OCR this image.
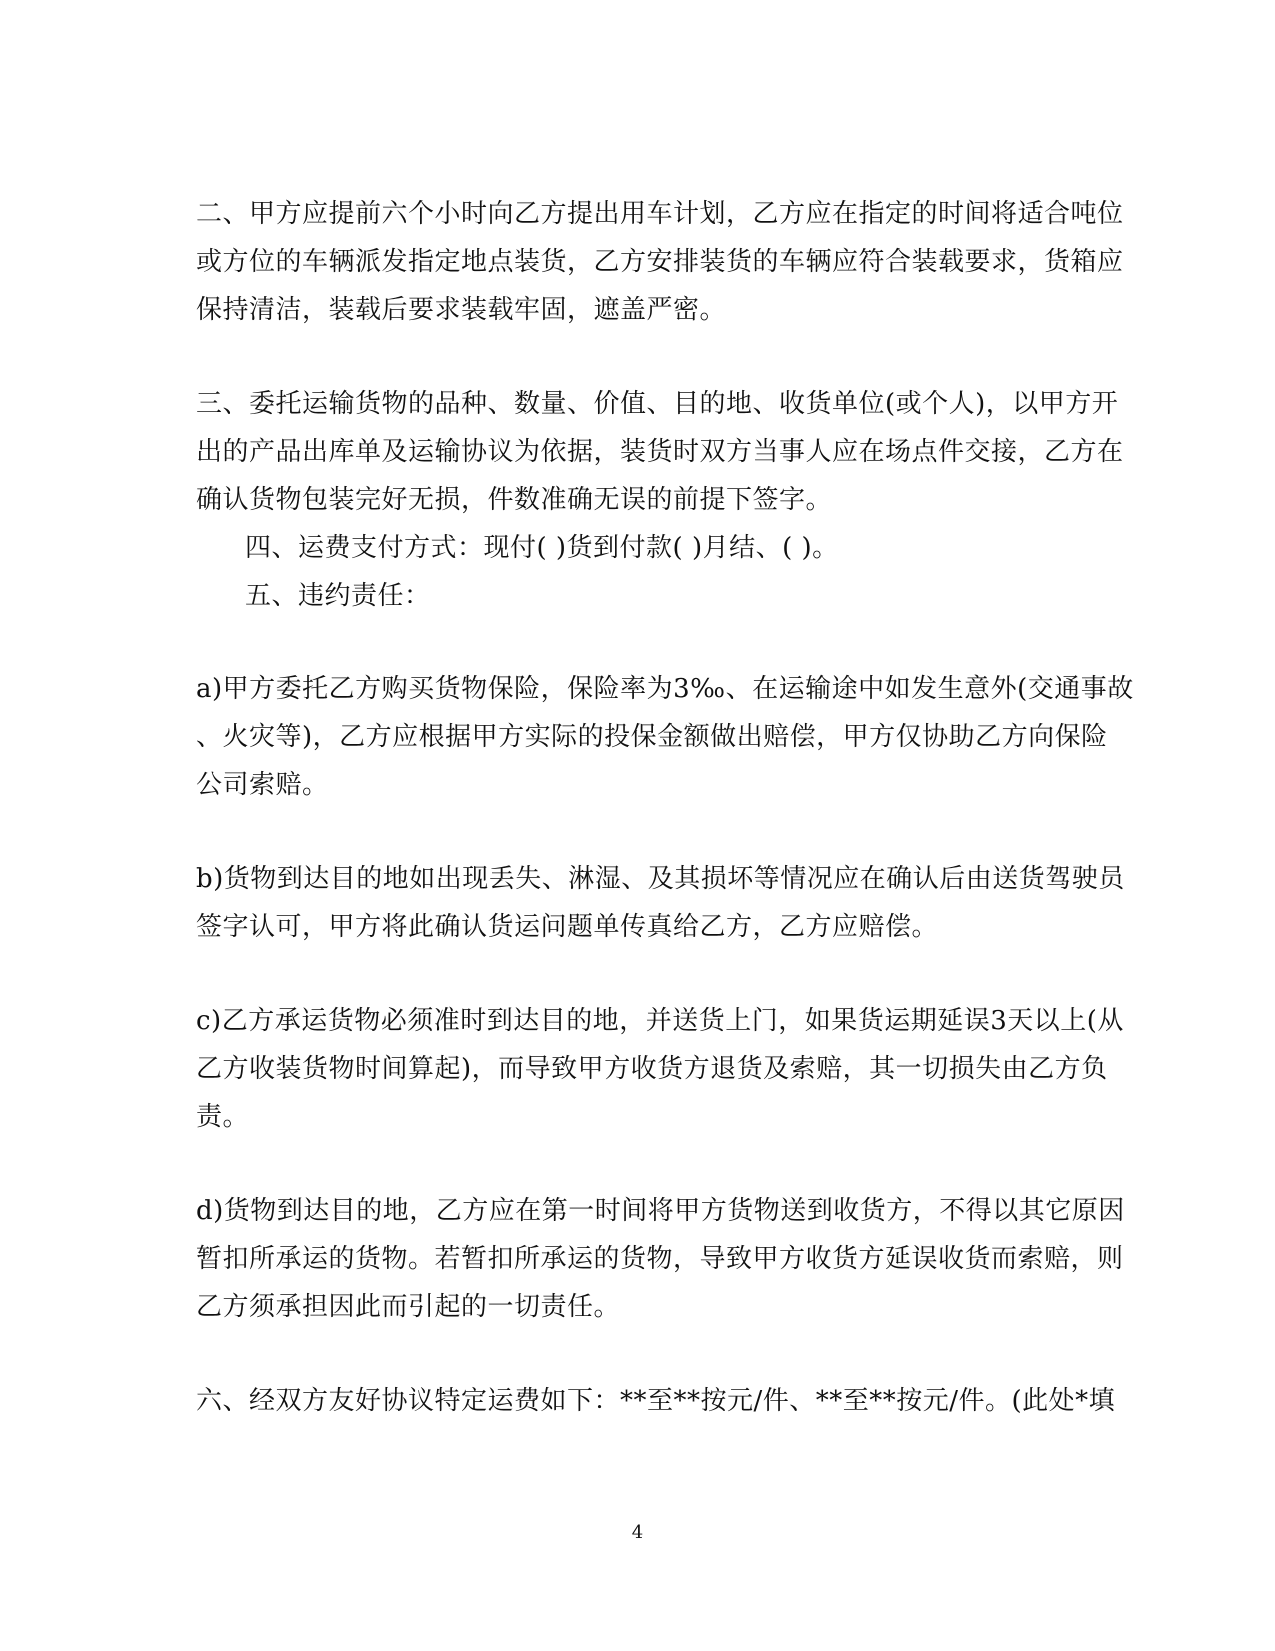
二、甲方应提前六个小时向乙方提出用车计划，乙方应在指定的时间将适合吨位
或方位的车辆派发指定地点装货，乙方安排装货的车辆应符合装载要求，货箱应
保持清洁，装载后要求装载牢固，遮盖严密。
三、委托运输货物的品种、数量、价值、目的地、收货单位(或个人)，以甲方开
出的产品出库单及运输协议为依据，装货时双方当事人应在场点件交接，乙方在
确认货物包装完好无损，件数准确无误的前提下签字。
四、运费支付方式：现付( )货到付款( )月结、( )。
五、违约责任：
a)甲方委托乙方购买货物保险，保险率为3‰、在运输途中如发生意外(交通事故
、火灾等)，乙方应根据甲方实际的投保金额做出赔偿，甲方仅协助乙方向保险
公司索赔。
b)货物到达目的地如出现丢失、淋湿、及其损坏等情况应在确认后由送货驾驶员
签字认可，甲方将此确认货运问题单传真给乙方，乙方应赔偿。
c)乙方承运货物必须准时到达目的地，并送货上门，如果货运期延误3天以上(从
乙方收装货物时间算起)，而导致甲方收货方退货及索赔，其一切损失由乙方负
责。
d)货物到达目的地，乙方应在第一时间将甲方货物送到收货方，不得以其它原因
暂扣所承运的货物。若暂扣所承运的货物，导致甲方收货方延误收货而索赔，则
乙方须承担因此而引起的一切责任。
六、经双方友好协议特定运费如下：**至**按元/件、**至**按元/件。(此处*填
4
